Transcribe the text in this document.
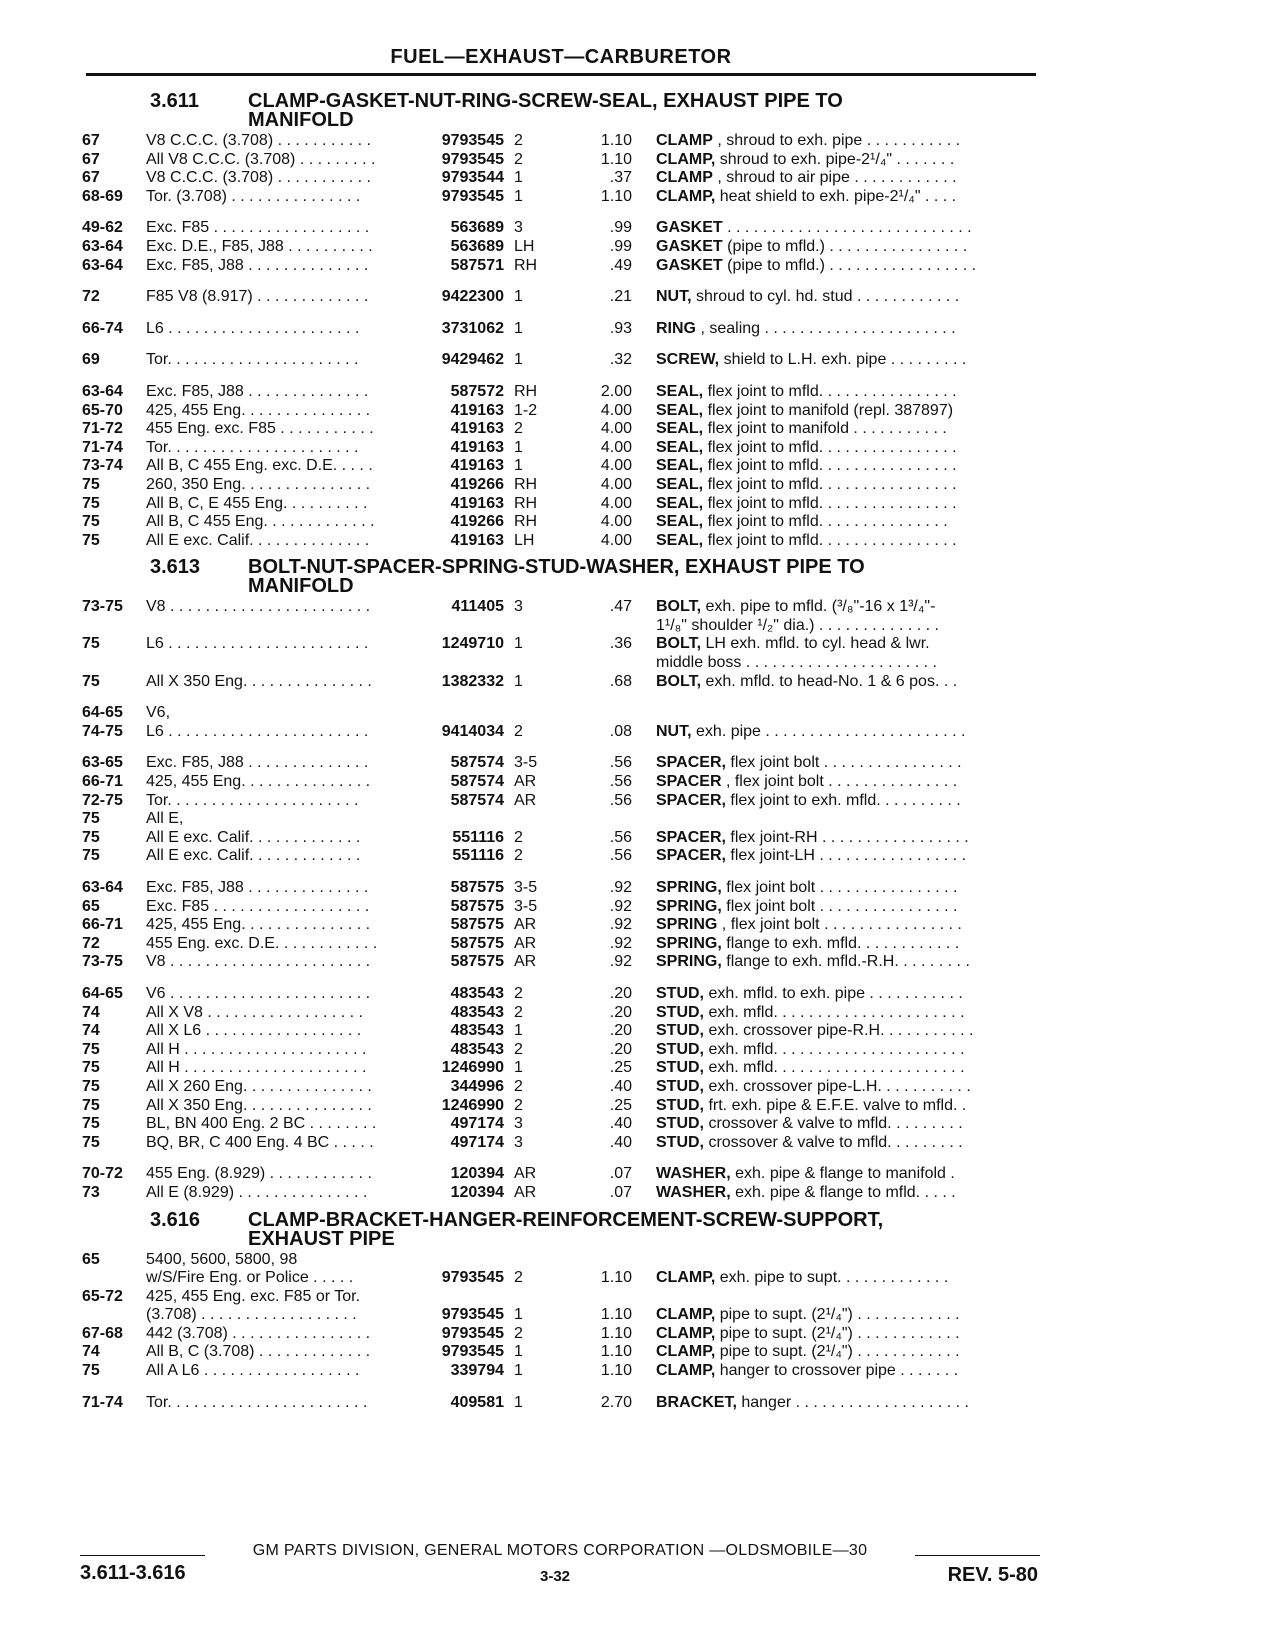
FUEL—EXHAUST—CARBURETOR
3.611	CLAMP-GASKET-NUT-RING-SCREW-SEAL, EXHAUST PIPE TO MANIFOLD
67	V8 C.C.C. (3.708) . . . . . . . . . . .	9793545 2	1.10	CLAMP , shroud to exh. pipe . . . . . . . . . . .
67	All V8 C.C.C. (3.708) . . . . . . . . .	9793545 2	1.10	CLAMP, shroud to exh. pipe-2¹/₄" . . . . . . .
67	V8 C.C.C. (3.708) . . . . . . . . . . .	9793544 1	.37	CLAMP , shroud to air pipe . . . . . . . . . . . .
68-69	Tor. (3.708) . . . . . . . . . . . . . . .	9793545 1	1.10	CLAMP, heat shield to exh. pipe-2¹/₄" . . . .
49-62	Exc. F85 . . . . . . . . . . . . . . . . . .	563689 3	.99	GASKET . . . . . . . . . . . . . . . . . . . . . . . . . . . .
63-64	Exc. D.E., F85, J88 . . . . . . . . . .	563689 LH	.99	GASKET (pipe to mfld.) . . . . . . . . . . . . . . . .
63-64	Exc. F85, J88 . . . . . . . . . . . . . .	587571 RH	.49	GASKET (pipe to mfld.) . . . . . . . . . . . . . . . . .
72	F85 V8 (8.917) . . . . . . . . . . . . .	9422300 1	.21	NUT, shroud to cyl. hd. stud . . . . . . . . . . . .
66-74	L6 . . . . . . . . . . . . . . . . . . . . . .	3731062 1	.93	RING , sealing . . . . . . . . . . . . . . . . . . . . . .
69	Tor. . . . . . . . . . . . . . . . . . . . . .	9429462 1	.32	SCREW, shield to L.H. exh. pipe . . . . . . . . .
63-64	Exc. F85, J88 . . . . . . . . . . . . . .	587572 RH	2.00	SEAL, flex joint to mfld. . . . . . . . . . . . . . . .
65-70	425, 455 Eng. . . . . . . . . . . . . . .	419163 1-2	4.00	SEAL, flex joint to manifold (repl. 387897)
71-72	455 Eng. exc. F85 . . . . . . . . . . .	419163 2	4.00	SEAL, flex joint to manifold . . . . . . . . . . .
71-74	Tor. . . . . . . . . . . . . . . . . . . . . .	419163 1	4.00	SEAL, flex joint to mfld. . . . . . . . . . . . . . . .
73-74	All B, C 455 Eng. exc. D.E. . . . .	419163 1	4.00	SEAL, flex joint to mfld. . . . . . . . . . . . . . . .
75	260, 350 Eng. . . . . . . . . . . . . . .	419266 RH	4.00	SEAL, flex joint to mfld. . . . . . . . . . . . . . . .
75	All B, C, E 455 Eng. . . . . . . . . .	419163 RH	4.00	SEAL, flex joint to mfld. . . . . . . . . . . . . . . .
75	All B, C 455 Eng. . . . . . . . . . . . .	419266 RH	4.00	SEAL, flex joint to mfld. . . . . . . . . . . . . . .
75	All E exc. Calif. . . . . . . . . . . . . .	419163 LH	4.00	SEAL, flex joint to mfld. . . . . . . . . . . . . . . .
3.613	BOLT-NUT-SPACER-SPRING-STUD-WASHER, EXHAUST PIPE TO MANIFOLD
73-75	V8 . . . . . . . . . . . . . . . . . . . . . . .	411405 3	.47	BOLT, exh. pipe to mfld. (³/₈"-16 x 1³/₄"-
1¹/₈" shoulder ¹/₂" dia.) . . . . . . . . . . . . . .
75	L6 . . . . . . . . . . . . . . . . . . . . . . .	1249710 1	.36	BOLT, LH exh. mfld. to cyl. head & lwr.
middle boss . . . . . . . . . . . . . . . . . . . . . .
75	All X 350 Eng. . . . . . . . . . . . . . .	1382332 1	.68	BOLT, exh. mfld. to head-No. 1 & 6 pos. . .
64-65	V6,
74-75	L6 . . . . . . . . . . . . . . . . . . . . . . .	9414034 2	.08	NUT, exh. pipe . . . . . . . . . . . . . . . . . . . . . . .
63-65	Exc. F85, J88 . . . . . . . . . . . . . .	587574 3-5	.56	SPACER, flex joint bolt . . . . . . . . . . . . . . . .
66-71	425, 455 Eng. . . . . . . . . . . . . . .	587574 AR	.56	SPACER , flex joint bolt . . . . . . . . . . . . . . .
72-75	Tor. . . . . . . . . . . . . . . . . . . . . .	587574 AR	.56	SPACER, flex joint to exh. mfld. . . . . . . . . .
75	All E,
75	All E exc. Calif. . . . . . . . . . . . .	551116 2	.56	SPACER, flex joint-RH . . . . . . . . . . . . . . . . .
75	All E exc. Calif. . . . . . . . . . . . .	551116 2	.56	SPACER, flex joint-LH . . . . . . . . . . . . . . . . .
63-64	Exc. F85, J88 . . . . . . . . . . . . . .	587575 3-5	.92	SPRING, flex joint bolt . . . . . . . . . . . . . . . .
65	Exc. F85 . . . . . . . . . . . . . . . . . .	587575 3-5	.92	SPRING, flex joint bolt . . . . . . . . . . . . . . . .
66-71	425, 455 Eng. . . . . . . . . . . . . . .	587575 AR	.92	SPRING , flex joint bolt . . . . . . . . . . . . . . . .
72	455 Eng. exc. D.E. . . . . . . . . . . .	587575 AR	.92	SPRING, flange to exh. mfld. . . . . . . . . . . .
73-75	V8 . . . . . . . . . . . . . . . . . . . . . . .	587575 AR	.92	SPRING, flange to exh. mfld.-R.H. . . . . . . . .
64-65	V6 . . . . . . . . . . . . . . . . . . . . . . .	483543 2	.20	STUD, exh. mfld. to exh. pipe . . . . . . . . . . .
74	All X V8 . . . . . . . . . . . . . . . . . .	483543 2	.20	STUD, exh. mfld. . . . . . . . . . . . . . . . . . . . . .
74	All X L6 . . . . . . . . . . . . . . . . . .	483543 1	.20	STUD, exh. crossover pipe-R.H. . . . . . . . . . .
75	All H . . . . . . . . . . . . . . . . . . . . .	483543 2	.20	STUD, exh. mfld. . . . . . . . . . . . . . . . . . . . . .
75	All H . . . . . . . . . . . . . . . . . . . . .	1246990 1	.25	STUD, exh. mfld. . . . . . . . . . . . . . . . . . . . . .
75	All X 260 Eng. . . . . . . . . . . . . . .	344996 2	.40	STUD, exh. crossover pipe-L.H. . . . . . . . . . .
75	All X 350 Eng. . . . . . . . . . . . . . .	1246990 2	.25	STUD, frt. exh. pipe & E.F.E. valve to mfld. .
75	BL, BN 400 Eng. 2 BC . . . . . . . .	497174 3	.40	STUD, crossover & valve to mfld. . . . . . . . .
75	BQ, BR, C 400 Eng. 4 BC . . . . .	497174 3	.40	STUD, crossover & valve to mfld. . . . . . . . .
70-72	455 Eng. (8.929) . . . . . . . . . . . .	120394 AR	.07	WASHER, exh. pipe & flange to manifold .
73	All E (8.929) . . . . . . . . . . . . . . .	120394 AR	.07	WASHER, exh. pipe & flange to mfld. . . . .
3.616	CLAMP-BRACKET-HANGER-REINFORCEMENT-SCREW-SUPPORT, EXHAUST PIPE
65	5400, 5600, 5800, 98
w/S/Fire Eng. or Police . . . . .	9793545 2	1.10	CLAMP, exh. pipe to supt. . . . . . . . . . . . .
65-72	425, 455 Eng. exc. F85 or Tor.
(3.708) . . . . . . . . . . . . . . . . . .	9793545 1	1.10	CLAMP, pipe to supt. (2¹/₄") . . . . . . . . . . . .
67-68	442 (3.708) . . . . . . . . . . . . . . . .	9793545 2	1.10	CLAMP, pipe to supt. (2¹/₄") . . . . . . . . . . . .
74	All B, C (3.708) . . . . . . . . . . . . .	9793545 1	1.10	CLAMP, pipe to supt. (2¹/₄") . . . . . . . . . . . .
75	All A L6 . . . . . . . . . . . . . . . . . .	339794 1	1.10	CLAMP, hanger to crossover pipe . . . . . . .
71-74	Tor. . . . . . . . . . . . . . . . . . . . . . .	409581 1	2.70	BRACKET, hanger . . . . . . . . . . . . . . . . . . . .
GM PARTS DIVISION, GENERAL MOTORS CORPORATION —OLDSMOBILE—30
3.611-3.616	3-32	REV. 5-80
